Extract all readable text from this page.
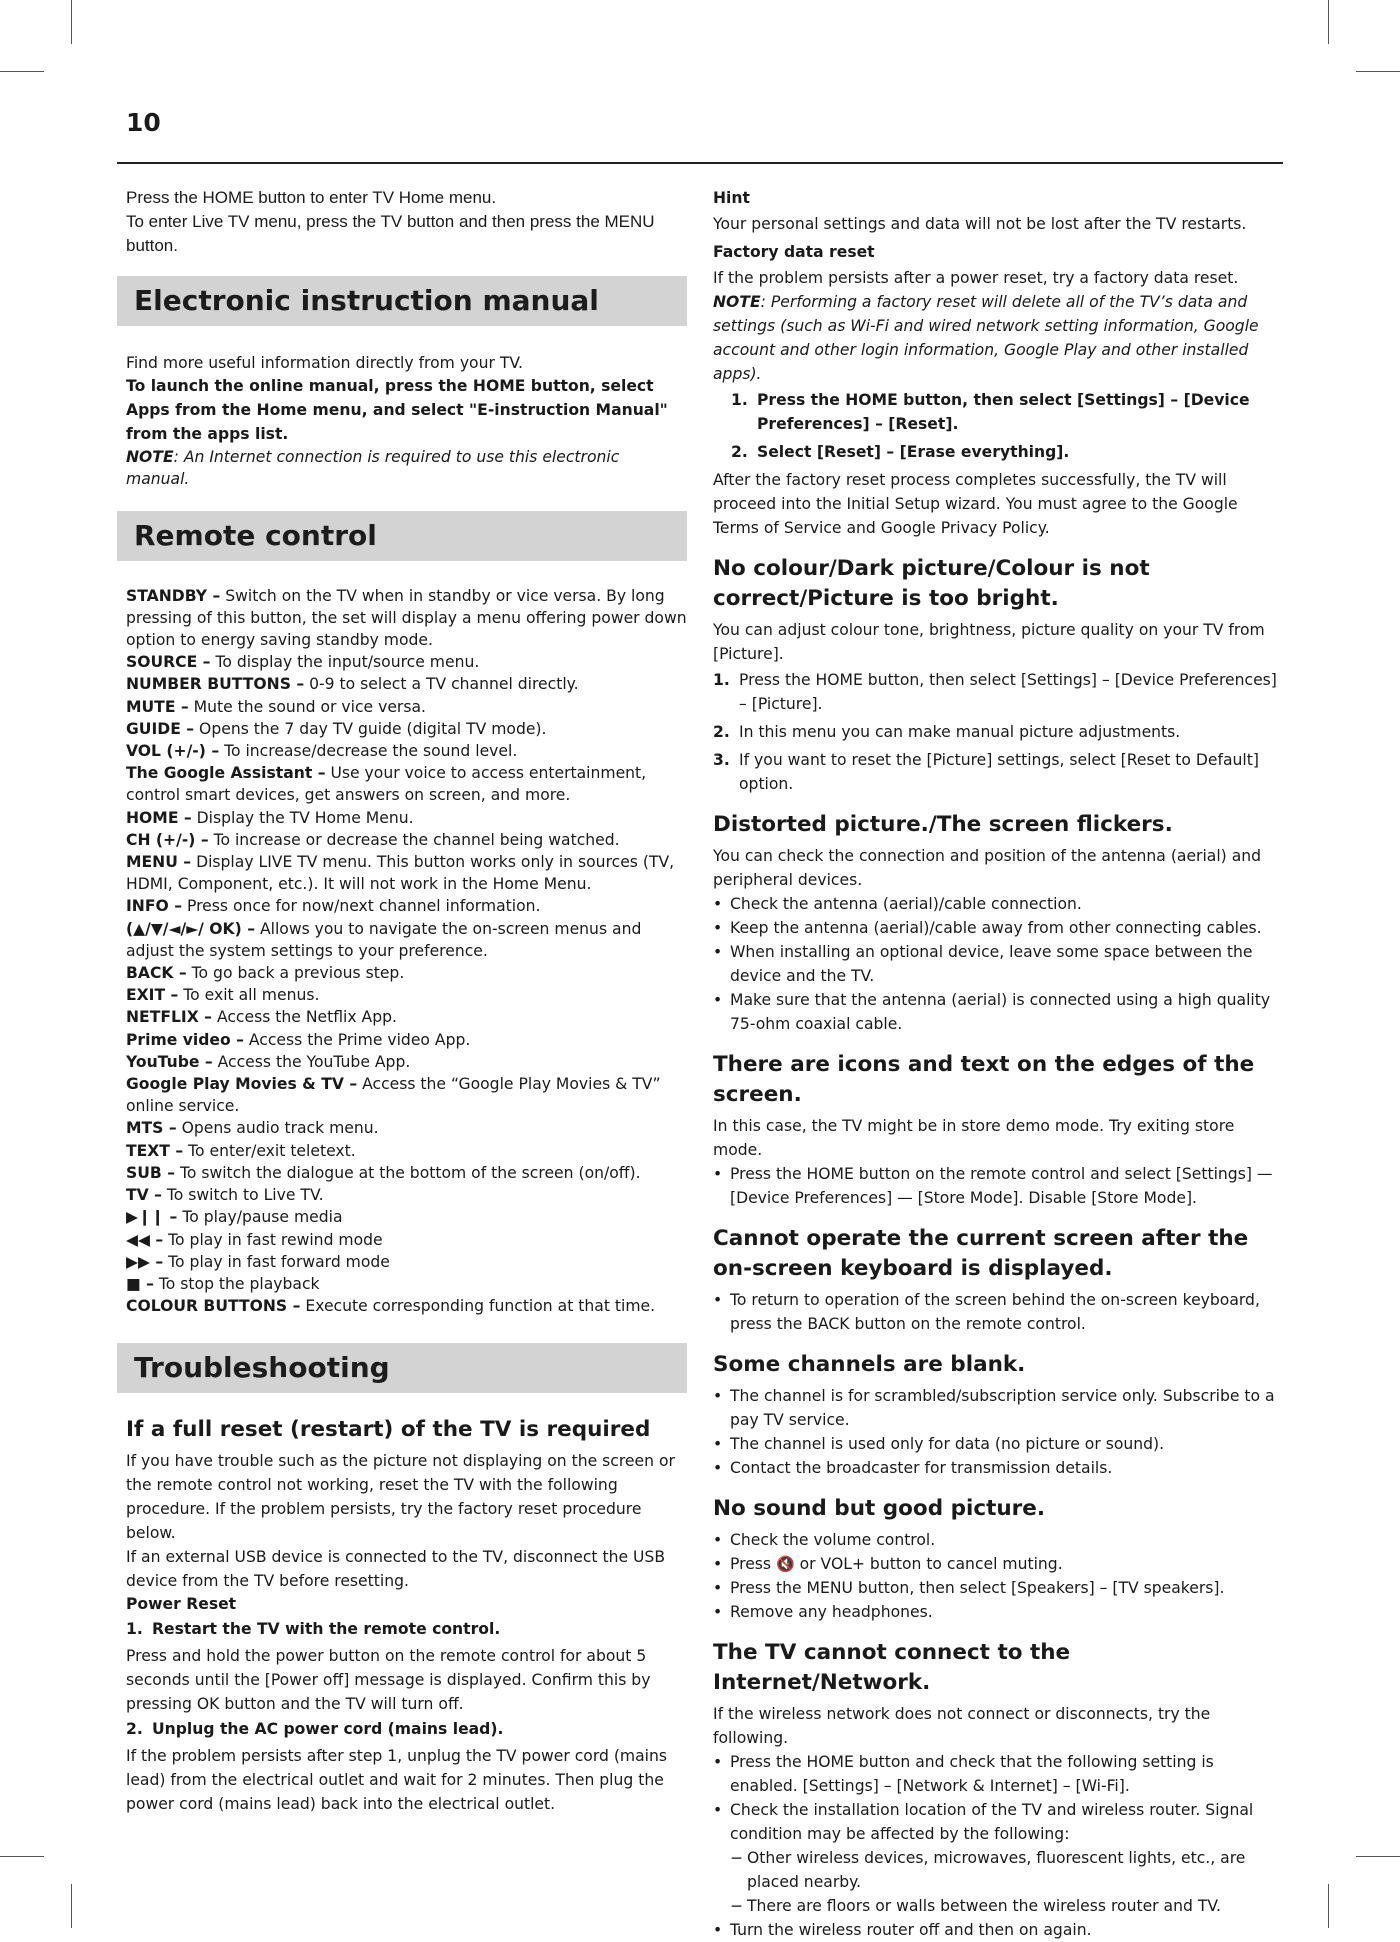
10

Press the HOME button to enter TV Home menu.

To enter Live TV menu, press the TV button and then press the MENU button.

Electronic instruction manual

Find more useful information directly from your TV.

To launch the online manual, press the HOME button, select Apps from the Home menu, and select "E-instruction Manual" from the apps list.

NOTE: An Internet connection is required to use this electronic manual.

Remote control

STANDBY – Switch on the TV when in standby or vice versa. By long pressing of this button, the set will display a menu offering power down option to energy saving standby mode.

SOURCE – To display the input/source menu.

NUMBER BUTTONS – 0-9 to select a TV channel directly.

MUTE – Mute the sound or vice versa.

GUIDE – Opens the 7 day TV guide (digital TV mode).

VOL (+/-) – To increase/decrease the sound level.

The Google Assistant – Use your voice to access entertainment, control smart devices, get answers on screen, and more.

HOME – Display the TV Home Menu.

CH (+/-) – To increase or decrease the channel being watched.

MENU – Display LIVE TV menu. This button works only in sources (TV, HDMI, Component, etc.). It will not work in the Home Menu.

INFO – Press once for now/next channel information.

(▲/▼/◄/►/ OK) – Allows you to navigate the on-screen menus and adjust the system settings to your preference.

BACK – To go back a previous step.

EXIT – To exit all menus.

NETFLIX – Access the Netflix App.

Prime video – Access the Prime video App.

YouTube – Access the YouTube App.

Google Play Movies & TV – Access the “Google Play Movies & TV” online service.

MTS – Opens audio track menu.

TEXT – To enter/exit teletext.

SUB – To switch the dialogue at the bottom of the screen (on/off).

TV – To switch to Live TV.

▶❙❙ – To play/pause media

◀◀ – To play in fast rewind mode

▶▶ – To play in fast forward mode

■ – To stop the playback

COLOUR BUTTONS – Execute corresponding function at that time.

Troubleshooting
If a full reset (restart) of the TV is required

If you have trouble such as the picture not displaying on the screen or the remote control not working, reset the TV with the following procedure. If the problem persists, try the factory reset procedure below.

If an external USB device is connected to the TV, disconnect the USB device from the TV before resetting.

Power Reset

1. Restart the TV with the remote control.

Press and hold the power button on the remote control for about 5 seconds until the [Power off] message is displayed. Confirm this by pressing OK button and the TV will turn off.

2. Unplug the AC power cord (mains lead).

If the problem persists after step 1, unplug the TV power cord (mains lead) from the electrical outlet and wait for 2 minutes. Then plug the power cord (mains lead) back into the electrical outlet.

Hint

Your personal settings and data will not be lost after the TV restarts.

Factory data reset

If the problem persists after a power reset, try a factory data reset.

NOTE: Performing a factory reset will delete all of the TV’s data and settings (such as Wi-Fi and wired network setting information, Google account and other login information, Google Play and other installed apps).

1. Press the HOME button, then select [Settings] – [Device Preferences] – [Reset].
2. Select [Reset] – [Erase everything].

After the factory reset process completes successfully, the TV will proceed into the Initial Setup wizard. You must agree to the Google Terms of Service and Google Privacy Policy.

No colour/Dark picture/Colour is not correct/Picture is too bright.

You can adjust colour tone, brightness, picture quality on your TV from [Picture].

1. Press the HOME button, then select [Settings] – [Device Preferences] – [Picture].
2. In this menu you can make manual picture adjustments.
3. If you want to reset the [Picture] settings, select [Reset to Default] option.
Distorted picture./The screen flickers.

You can check the connection and position of the antenna (aerial) and peripheral devices.

• Check the antenna (aerial)/cable connection.
• Keep the antenna (aerial)/cable away from other connecting cables.
• When installing an optional device, leave some space between the device and the TV.
• Make sure that the antenna (aerial) is connected using a high quality 75-ohm coaxial cable.
There are icons and text on the edges of the screen.

In this case, the TV might be in store demo mode. Try exiting store mode.

• Press the HOME button on the remote control and select [Settings] — [Device Preferences] — [Store Mode]. Disable [Store Mode].
Cannot operate the current screen after the on-screen keyboard is displayed.
• To return to operation of the screen behind the on-screen keyboard, press the BACK button on the remote control.
Some channels are blank.
• The channel is for scrambled/subscription service only. Subscribe to a pay TV service.
• The channel is used only for data (no picture or sound).
• Contact the broadcaster for transmission details.
No sound but good picture.
• Check the volume control.
• Press 🔇 or VOL+ button to cancel muting.
• Press the MENU button, then select [Speakers] – [TV speakers].
• Remove any headphones.
The TV cannot connect to the Internet/Network.

If the wireless network does not connect or disconnects, try the following.

• Press the HOME button and check that the following setting is enabled. [Settings] – [Network & Internet] – [Wi-Fi].
• Check the installation location of the TV and wireless router. Signal condition may be affected by the following:
− Other wireless devices, microwaves, fluorescent lights, etc., are placed nearby.
− There are floors or walls between the wireless router and TV.
• Turn the wireless router off and then on again.
